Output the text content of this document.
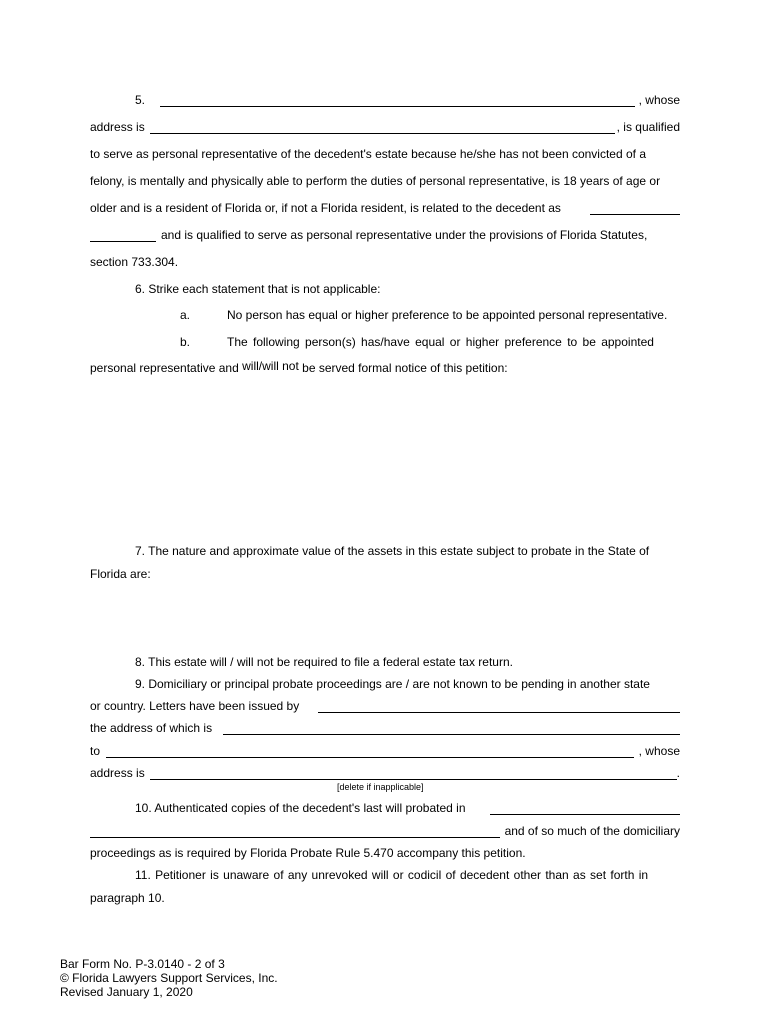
5.	, whose
address is	, is qualified
to serve as personal representative of the decedent's estate because he/she has not been convicted of a
felony, is mentally and physically able to perform the duties of personal representative, is 18 years of age or
older and is a resident of Florida or, if not a Florida resident, is related to the decedent as
and is qualified to serve as personal representative under the provisions of Florida Statutes,
section 733.304.
6. Strike each statement that is not applicable:
a.	No person has equal or higher preference to be appointed personal representative.
b.	The following person(s) has/have equal or higher preference to be appointed
personal representative and will/will not be served formal notice of this petition:
7. The nature and approximate value of the assets in this estate subject to probate in the State of
Florida are:
8. This estate will / will not be required to file a federal estate tax return.
9. Domiciliary or principal probate proceedings are / are not known to be pending in another state
or country. Letters have been issued by
the address of which is
to	, whose
address is	.
[delete if inapplicable]
10. Authenticated copies of the decedent's last will probated in
and of so much of the domiciliary
proceedings as is required by Florida Probate Rule 5.470 accompany this petition.
11. Petitioner is unaware of any unrevoked will or codicil of decedent other than as set forth in
paragraph 10.
Bar Form No. P-3.0140 - 2 of 3
© Florida Lawyers Support Services, Inc.
Revised January 1, 2020
